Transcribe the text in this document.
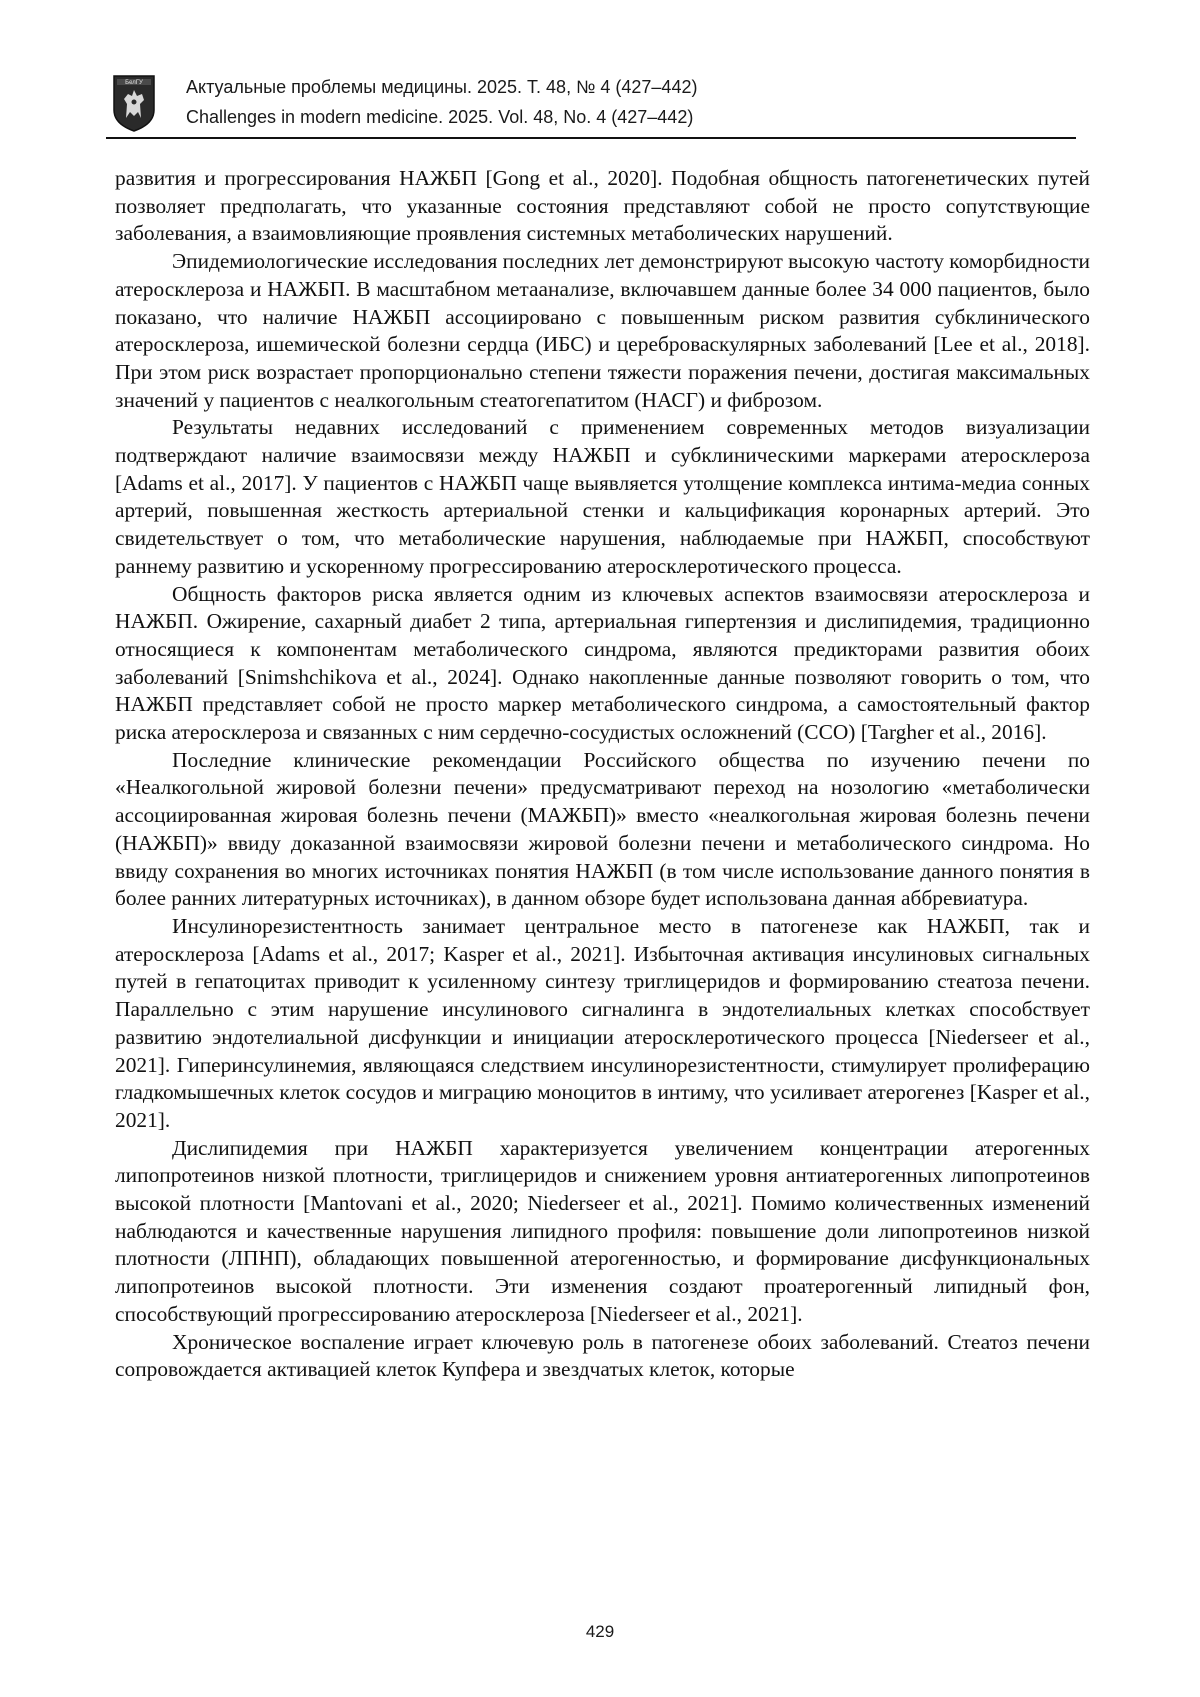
БелГУ Актуальные проблемы медицины. 2025. Т. 48, № 4 (427–442)
Challenges in modern medicine. 2025. Vol. 48, No. 4 (427–442)

развития и прогрессирования НАЖБП [Gong et al., 2020]. Подобная общность патогенетических путей позволяет предполагать, что указанные состояния представляют собой не просто сопутствующие заболевания, а взаимовлияющие проявления системных метаболических нарушений.

Эпидемиологические исследования последних лет демонстрируют высокую частоту коморбидности атеросклероза и НАЖБП. В масштабном метаанализе, включавшем данные более 34 000 пациентов, было показано, что наличие НАЖБП ассоциировано с повышенным риском развития субклинического атеросклероза, ишемической болезни сердца (ИБС) и цереброваскулярных заболеваний [Lee et al., 2018]. При этом риск возрастает пропорционально степени тяжести поражения печени, достигая максимальных значений у пациентов с неалкогольным стеатогепатитом (НАСГ) и фиброзом.

Результаты недавних исследований с применением современных методов визуализации подтверждают наличие взаимосвязи между НАЖБП и субклиническими маркерами атеросклероза [Adams et al., 2017]. У пациентов с НАЖБП чаще выявляется утолщение комплекса интима-медиа сонных артерий, повышенная жесткость артериальной стенки и кальцификация коронарных артерий. Это свидетельствует о том, что метаболические нарушения, наблюдаемые при НАЖБП, способствуют раннему развитию и ускоренному прогрессированию атеросклеротического процесса.

Общность факторов риска является одним из ключевых аспектов взаимосвязи атеросклероза и НАЖБП. Ожирение, сахарный диабет 2 типа, артериальная гипертензия и дислипидемия, традиционно относящиеся к компонентам метаболического синдрома, являются предикторами развития обоих заболеваний [Snimshchikova et al., 2024]. Однако накопленные данные позволяют говорить о том, что НАЖБП представляет собой не просто маркер метаболического синдрома, а самостоятельный фактор риска атеросклероза и связанных с ним сердечно-сосудистых осложнений (ССО) [Targher et al., 2016].

Последние клинические рекомендации Российского общества по изучению печени по «Неалкогольной жировой болезни печени» предусматривают переход на нозологию «метаболически ассоциированная жировая болезнь печени (МАЖБП)» вместо «неалкогольная жировая болезнь печени (НАЖБП)» ввиду доказанной взаимосвязи жировой болезни печени и метаболического синдрома. Но ввиду сохранения во многих источниках понятия НАЖБП (в том числе использование данного понятия в более ранних литературных источниках), в данном обзоре будет использована данная аббревиатура.

Инсулинорезистентность занимает центральное место в патогенезе как НАЖБП, так и атеросклероза [Adams et al., 2017; Kasper et al., 2021]. Избыточная активация инсулиновых сигнальных путей в гепатоцитах приводит к усиленному синтезу триглицеридов и формированию стеатоза печени. Параллельно с этим нарушение инсулинового сигналинга в эндотелиальных клетках способствует развитию эндотелиальной дисфункции и инициации атеросклеротического процесса [Niederseer et al., 2021]. Гиперинсулинемия, являющаяся следствием инсулинорезистентности, стимулирует пролиферацию гладкомышечных клеток сосудов и миграцию моноцитов в интиму, что усиливает атерогенез [Kasper et al., 2021].

Дислипидемия при НАЖБП характеризуется увеличением концентрации атерогенных липопротеинов низкой плотности, триглицеридов и снижением уровня антиатерогенных липопротеинов высокой плотности [Mantovani et al., 2020; Niederseer et al., 2021]. Помимо количественных изменений наблюдаются и качественные нарушения липидного профиля: повышение доли липопротеинов низкой плотности (ЛПНП), обладающих повышенной атерогенностью, и формирование дисфункциональных липопротеинов высокой плотности. Эти изменения создают проатерогенный липидный фон, способствующий прогрессированию атеросклероза [Niederseer et al., 2021].

Хроническое воспаление играет ключевую роль в патогенезе обоих заболеваний. Стеатоз печени сопровождается активацией клеток Купфера и звездчатых клеток, которые

429
